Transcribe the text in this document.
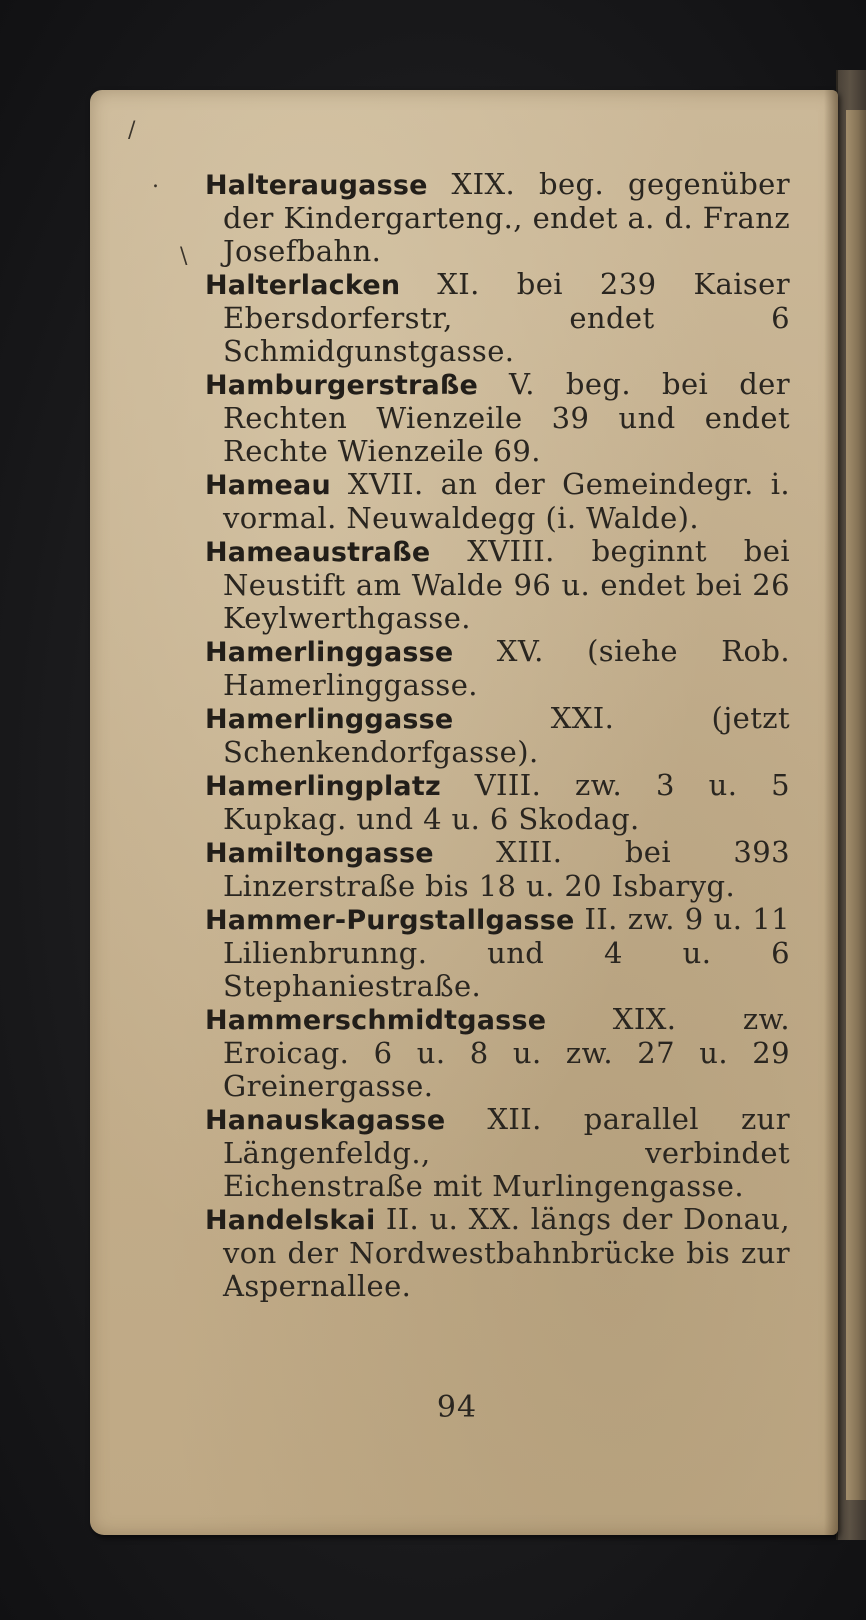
/
.
\

Halteraugasse XIX. beg. gegenüber der Kindergarteng., endet a. d. Franz Josefbahn.

Halterlacken XI. bei 239 Kaiser Ebersdorferstr, endet 6 Schmidgunstgasse.

Hamburgerstraße V. beg. bei der Rechten Wienzeile 39 und endet Rechte Wienzeile 69.

Hameau XVII. an der Gemeindegr. i. vormal. Neuwaldegg (i. Walde).

Hameaustraße XVIII. beginnt bei Neustift am Walde 96 u. endet bei 26 Keylwerthgasse.

Hamerlinggasse XV. (siehe Rob. Hamerlinggasse.

Hamerlinggasse	XXI. (jetzt Schenkendorfgasse).

Hamerlingplatz VIII. zw. 3 u. 5 Kupkag. und 4 u. 6 Skodag.

Hamiltongasse XIII. bei 393 Linzerstraße bis 18 u. 20 Isbaryg.

Hammer-Purgstallgasse II. zw. 9 u. 11 Lilienbrunng. und 4 u. 6 Stephaniestraße.

Hammerschmidtgasse XIX. zw. Eroicag. 6 u. 8 u. zw. 27 u. 29 Greinergasse.

Hanauskagasse XII. parallel zur Längenfeldg., verbindet Eichenstraße mit Murlingengasse.

Handelskai II. u. XX. längs der Donau, von der Nordwestbahnbrücke bis zur Aspernallee.

94
